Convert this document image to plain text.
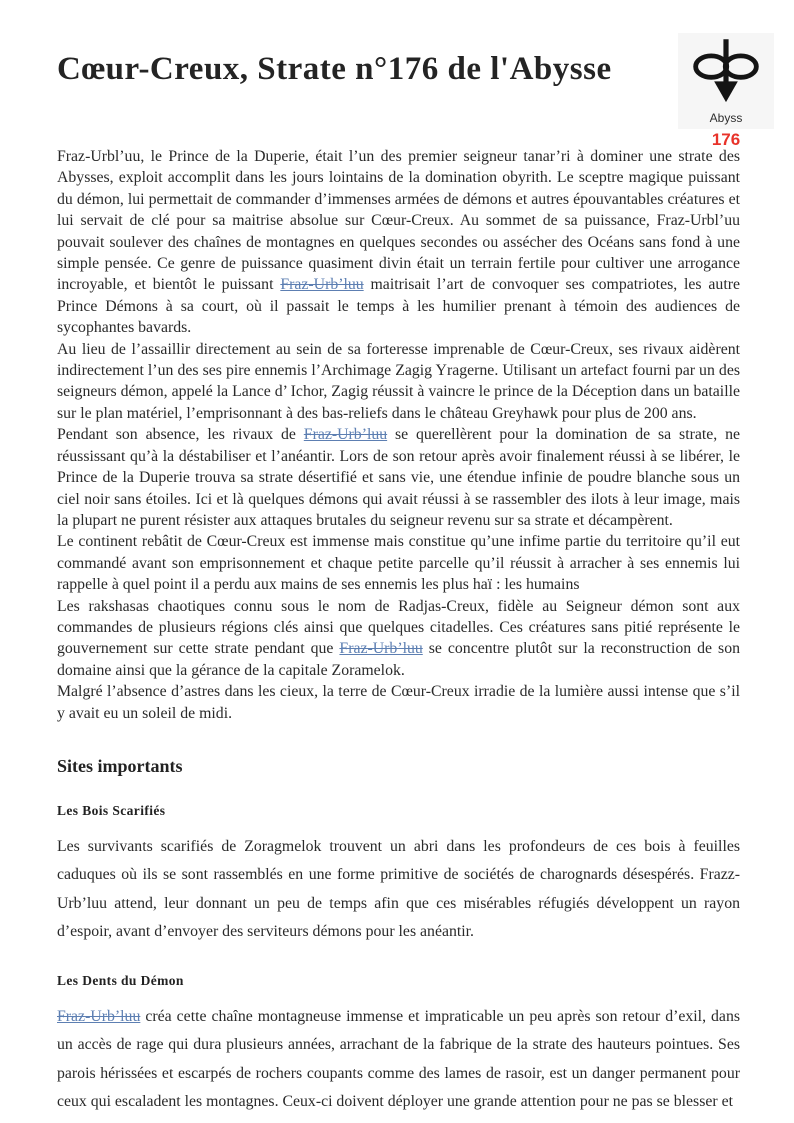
Cœur-Creux, Strate n°176 de l'Abysse
Abyss
176

Fraz-Urbl’uu, le Prince de la Duperie, était l’un des premier seigneur tanar’ri à dominer une strate des Abysses, exploit accomplit dans les jours lointains de la domination obyrith. Le sceptre magique puissant du démon, lui permettait de commander d’immenses armées de démons et autres épouvantables créatures et lui servait de clé pour sa maitrise absolue sur Cœur-Creux. Au sommet de sa puissance, Fraz-Urbl’uu pouvait soulever des chaînes de montagnes en quelques secondes ou assécher des Océans sans fond à une simple pensée. Ce genre de puissance quasiment divin était un terrain fertile pour cultiver une arrogance incroyable, et bientôt le puissant Fraz-Urb’luu maitrisait l’art de convoquer ses compatriotes, les autre Prince Démons à sa court, où il passait le temps à les humilier prenant à témoin des audiences de sycophantes bavards.

Au lieu de l’assaillir directement au sein de sa forteresse imprenable de Cœur-Creux, ses rivaux aidèrent indirectement l’un des ses pire ennemis l’Archimage Zagig Yragerne. Utilisant un artefact fourni par un des seigneurs démon, appelé la Lance d’ Ichor, Zagig réussit à vaincre le prince de la Déception dans un bataille sur le plan matériel, l’emprisonnant à des bas-reliefs dans le château Greyhawk pour plus de 200 ans.

Pendant son absence, les rivaux de Fraz-Urb’luu se querellèrent pour la domination de sa strate, ne réussissant qu’à la déstabiliser et l’anéantir. Lors de son retour après avoir finalement réussi à se libérer, le Prince de la Duperie trouva sa strate désertifié et sans vie, une étendue infinie de poudre blanche sous un ciel noir sans étoiles. Ici et là quelques démons qui avait réussi à se rassembler des ilots à leur image, mais la plupart ne purent résister aux attaques brutales du seigneur revenu sur sa strate et décampèrent.

Le continent rebâtit de Cœur-Creux est immense mais constitue qu’une infime partie du territoire qu’il eut commandé avant son emprisonnement et chaque petite parcelle qu’il réussit à arracher à ses ennemis lui rappelle à quel point il a perdu aux mains de ses ennemis les plus haï : les humains

Les rakshasas chaotiques connu sous le nom de Radjas-Creux, fidèle au Seigneur démon sont aux commandes de plusieurs régions clés ainsi que quelques citadelles. Ces créatures sans pitié représente le gouvernement sur cette strate pendant que Fraz-Urb’luu se concentre plutôt sur la reconstruction de son domaine ainsi que la gérance de la capitale Zoramelok.

Malgré l’absence d’astres dans les cieux, la terre de Cœur-Creux irradie de la lumière aussi intense que s’il y avait eu un soleil de midi.

Sites importants
Les Bois Scarifiés

Les survivants scarifiés de Zoragmelok trouvent un abri dans les profondeurs de ces bois à feuilles caduques où ils se sont rassemblés en une forme primitive de sociétés de charognards désespérés. Frazz-Urb’luu attend, leur donnant un peu de temps afin que ces misérables réfugiés développent un rayon d’espoir, avant d’envoyer des serviteurs démons pour les anéantir.

Les Dents du Démon

Fraz-Urb’luu créa cette chaîne montagneuse immense et impraticable un peu après son retour d’exil, dans un accès de rage qui dura plusieurs années, arrachant de la fabrique de la strate des hauteurs pointues. Ses parois hérissées et escarpés de rochers coupants comme des lames de rasoir, est un danger permanent pour ceux qui escaladent les montagnes. Ceux-ci doivent déployer une grande attention pour ne pas se blesser et
